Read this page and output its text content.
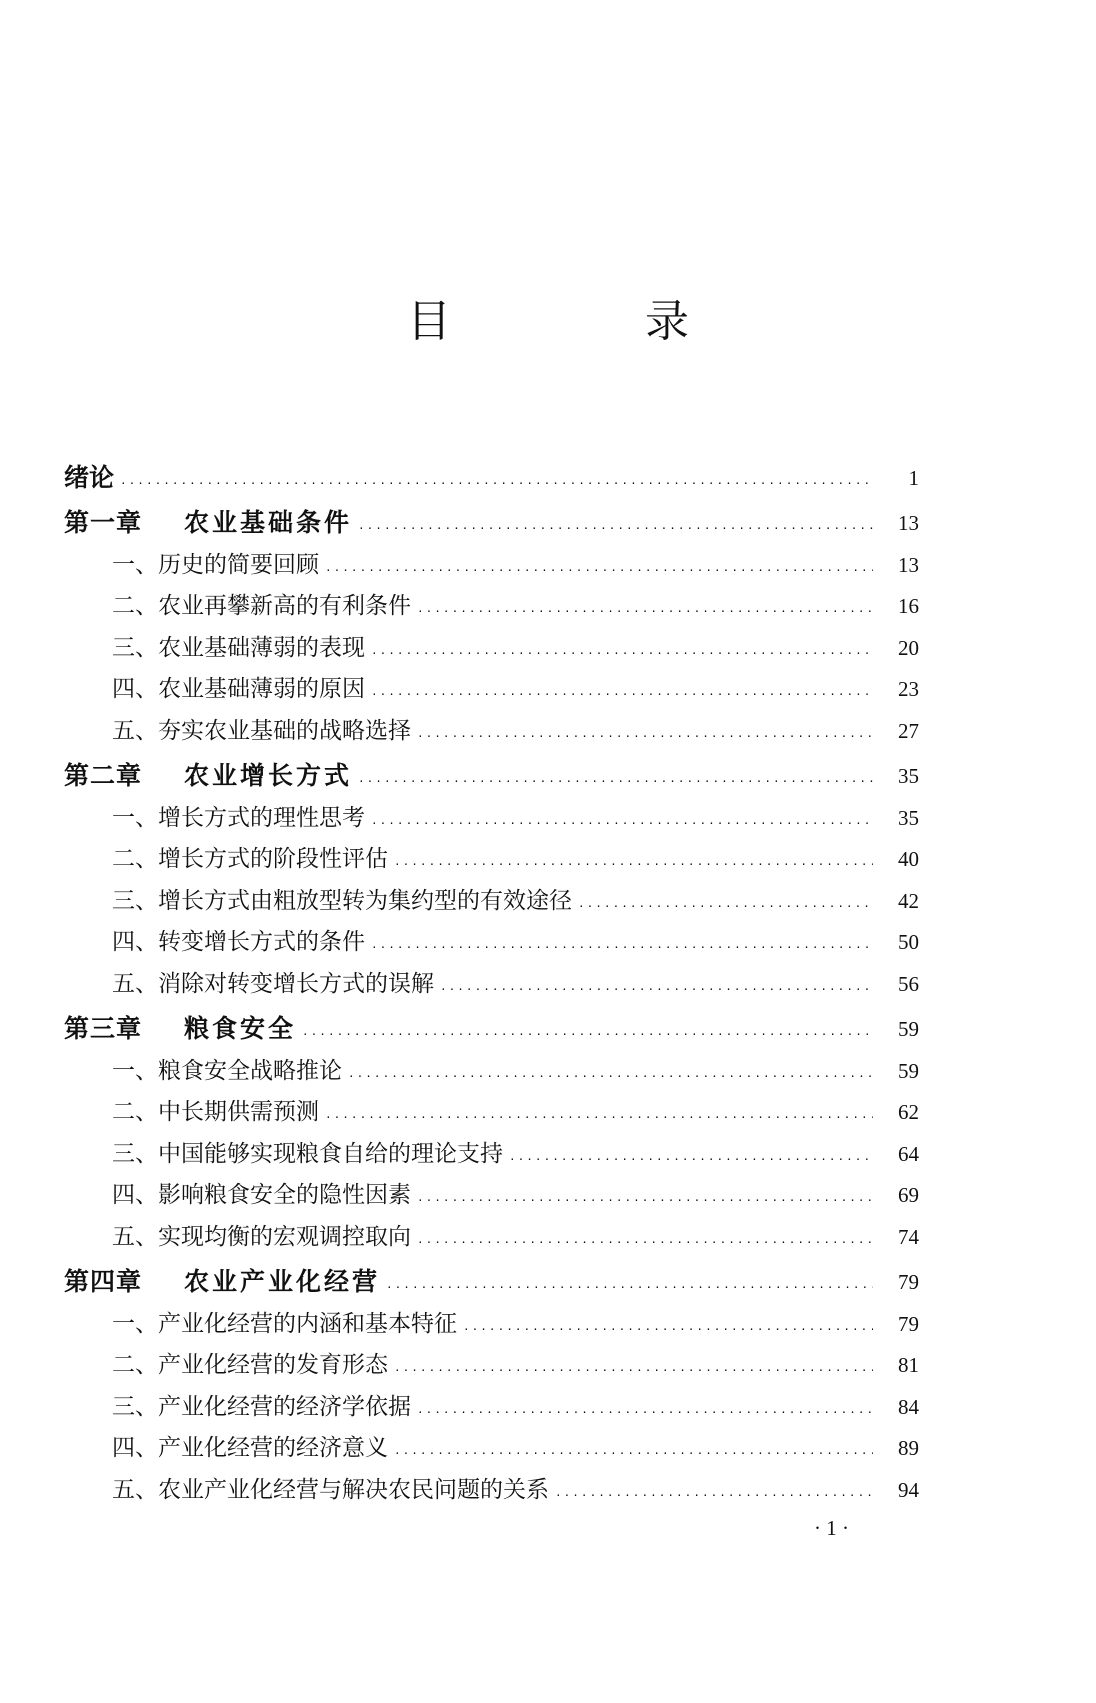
目 录
绪论 · · ·	1
第一章 农业基础条件 · · ·	13
一、历史的简要回顾 · · ·	13
二、农业再攀新高的有利条件 · · ·	16
三、农业基础薄弱的表现 · · ·	20
四、农业基础薄弱的原因 · · ·	23
五、夯实农业基础的战略选择 · · ·	27
第二章 农业增长方式 · · ·	35
一、增长方式的理性思考 · · ·	35
二、增长方式的阶段性评估 · · ·	40
三、增长方式由粗放型转为集约型的有效途径 · · ·	42
四、转变增长方式的条件 · · ·	50
五、消除对转变增长方式的误解 · · ·	56
第三章 粮食安全 · · ·	59
一、粮食安全战略推论 · · ·	59
二、中长期供需预测 · · ·	62
三、中国能够实现粮食自给的理论支持 · · ·	64
四、影响粮食安全的隐性因素 · · ·	69
五、实现均衡的宏观调控取向 · · ·	74
第四章 农业产业化经营 · · ·	79
一、产业化经营的内涵和基本特征 · · ·	79
二、产业化经营的发育形态 · · ·	81
三、产业化经营的经济学依据 · · ·	84
四、产业化经营的经济意义 · · ·	89
五、农业产业化经营与解决农民问题的关系 · · ·	94
· 1 ·
